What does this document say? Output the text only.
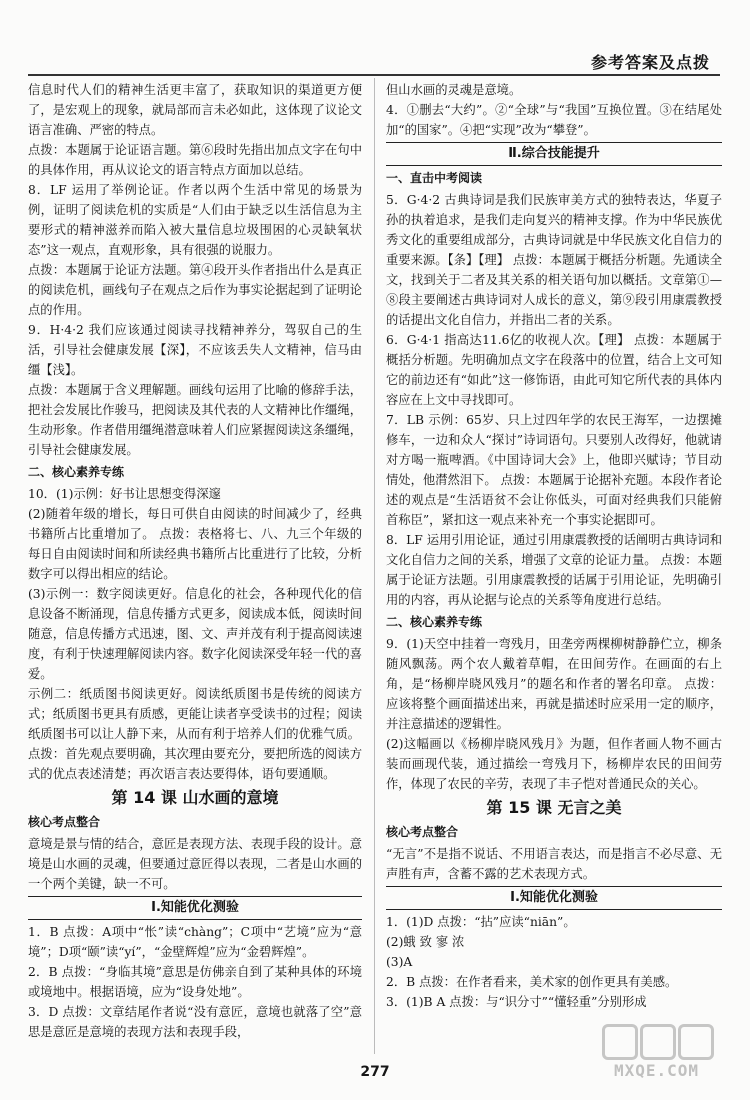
参考答案及点拨

信息时代人们的精神生活更丰富了，获取知识的渠道更方便了，是宏观上的现象，就局部而言未必如此，这体现了议论文语言准确、严密的特点。

点拨：本题属于论证语言题。第⑥段时先指出加点文字在句中的具体作用，再从议论文的语言特点方面加以总结。

8．LF 运用了举例论证。作者以两个生活中常见的场景为例，证明了阅读危机的实质是“人们由于缺乏以生活信息为主要形式的精神滋养而陷入被大量信息垃圾围困的心灵缺氧状态”这一观点，直观形象，具有很强的说服力。

点拨：本题属于论证方法题。第④段开头作者指出什么是真正的阅读危机，画线句子在观点之后作为事实论据起到了证明论点的作用。

9．H·4·2 我们应该通过阅读寻找精神养分，驾驭自己的生活，引导社会健康发展【深】，不应该丢失人文精神，信马由缰【浅】。

点拨：本题属于含义理解题。画线句运用了比喻的修辞手法，把社会发展比作骏马，把阅读及其代表的人文精神比作缰绳，生动形象。作者借用缰绳潜意味着人们应紧握阅读这条缰绳，引导社会健康发展。

二、核心素养专练

10．(1)示例：好书让思想变得深邃

(2)随着年级的增长，每日可供自由阅读的时间减少了，经典书籍所占比重增加了。 点拨：表格将七、八、九三个年级的每日自由阅读时间和所读经典书籍所占比重进行了比较，分析数字可以得出相应的结论。

(3)示例一：数字阅读更好。信息化的社会，各种现代化的信息设备不断涌现，信息传播方式更多，阅读成本低，阅读时间随意，信息传播方式迅速，图、文、声并茂有利于提高阅读速度，有利于快速理解阅读内容。数字化阅读深受年轻一代的喜爱。

示例二：纸质图书阅读更好。阅读纸质图书是传统的阅读方式；纸质图书更具有质感，更能让读者享受读书的过程；阅读纸质图书可以让人静下来，从而有利于培养人们的优雅气质。

点拨：首先观点要明确，其次理由要充分，要把所选的阅读方式的优点表述清楚；再次语言表达要得体，语句要通顺。

第 14 课 山水画的意境
核心考点整合

意境是景与情的结合，意匠是表现方法、表现手段的设计。意境是山水画的灵魂，但要通过意匠得以表现，二者是山水画的一个两个美键，缺一不可。

Ⅰ.知能优化测验

1．B 点拨：A项中“怅”读“chàng”；C项中“艺境”应为“意境”；D项“颐”读“yí”，“金壁辉煌”应为“金碧辉煌”。

2．B 点拨：“身临其境”意思是仿佛亲自到了某种具体的环境或境地中。根据语境，应为“设身处地”。

3．D 点拨：文章结尾作者说“没有意匠，意境也就落了空”意思是意匠是意境的表现方法和表现手段，

但山水画的灵魂是意境。

4．①删去“大约”。②“全球”与“我国”互换位置。③在结尾处加“的国家”。④把“实现”改为“攀登”。

Ⅱ.综合技能提升
一、直击中考阅读

5．G·4·2 古典诗词是我们民族审美方式的独特表达，华夏子孙的执着追求，是我们走向复兴的精神支撑。作为中华民族优秀文化的重要组成部分，古典诗词就是中华民族文化自信力的重要来源。【条】【理】 点拨：本题属于概括分析题。先通读全文，找到关于二者及其关系的相关语句加以概括。文章第①—⑧段主要阐述古典诗词对人成长的意义，第⑨段引用康震教授的话提出文化自信力，并指出二者的关系。

6．G·4·1 指高达11.6亿的收视人次。【理】 点拨：本题属于概括分析题。先明确加点文字在段落中的位置，结合上文可知它的前边还有“如此”这一修饰语，由此可知它所代表的具体内容应在上文中寻找即可。

7．LB 示例：65岁、只上过四年学的农民王海军，一边摆摊修车，一边和众人“探讨”诗词语句。只要别人改得好，他就请对方喝一瓶啤酒。《中国诗词大会》上，他即兴赋诗；节目动情处，他潸然泪下。 点拨：本题属于论据补充题。本段作者论述的观点是“生活语贫不会让你低头，可面对经典我们只能俯首称臣”，紧扣这一观点来补充一个事实论据即可。

8．LF 运用引用论证，通过引用康震教授的话阐明古典诗词和文化自信力之间的关系，增强了文章的论证力量。 点拨：本题属于论证方法题。引用康震教授的话属于引用论证，先明确引用的内容，再从论据与论点的关系等角度进行总结。

二、核心素养专练

9．(1)天空中挂着一弯残月，田垄旁两棵柳树静静伫立，柳条随风飘荡。两个农人戴着草帽，在田间劳作。在画面的右上角，是“杨柳岸晓风残月”的题名和作者的署名印章。 点拨：应该将整个画面描述出来，再就是描述时应采用一定的顺序，并注意描述的逻辑性。

(2)这幅画以《杨柳岸晓风残月》为题，但作者画人物不画古装而画现代装，通过描绘一弯残月下，杨柳岸农民的田间劳作，体现了农民的辛劳，表现了丰子恺对普通民众的关心。

第 15 课 无言之美
核心考点整合

“无言”不是指不说话、不用语言表达，而是指言不必尽意、无声胜有声，含蓄不露的艺术表现方式。

Ⅰ.知能优化测验

1．(1)D 点拨：“拈”应读“niān”。

(2)蛾 致 寥 浓

(3)A

2．B 点拨：在作者看来，美术家的创作更具有美感。

3．(1)B A 点拨：与“识分寸”“懂轻重”分别形成

277	MXQE.COM
